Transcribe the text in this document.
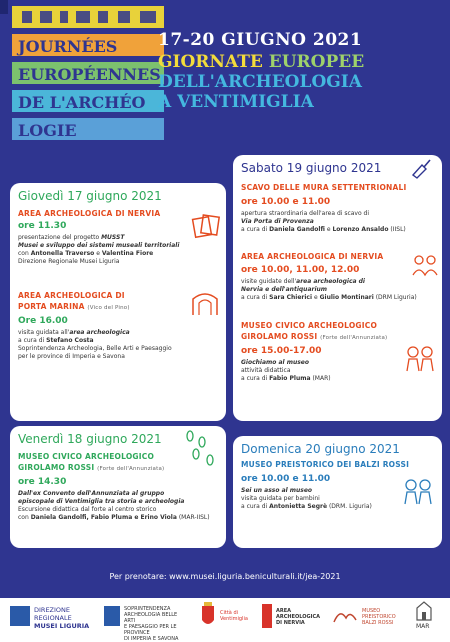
JOURNÉES
EUROPÉENNES
DE L'ARCHÉO
LOGIE
17-20 GIUGNO 2021
GIORNATE EUROPEE
DELL'ARCHEOLOGIA
A VENTIMIGLIA
Giovedì 17 giugno 2021
AREA ARCHEOLOGICA DI NERVIA
ore 11.30
presentazione del progetto MUSST
Musei e sviluppo dei sistemi museali territoriali
con Antonella Traverso e Valentina Fiore
Direzione Regionale Musei Liguria
AREA ARCHEOLOGICA DI
PORTA MARINA (Vico del Pino)
Ore 16.00
visita guidata all'area archeologica
a cura di Stefano Costa
Soprintendenza Archeologia, Belle Arti e Paesaggio
per le province di Imperia e Savona
Sabato 19 giugno 2021
SCAVO DELLE MURA SETTENTRIONALI
ore 10.00 e 11.00
apertura straordinaria dell'area di scavo di
Via Porta di Provenza
a cura di Daniela Gandolfi e Lorenzo Ansaldo (IISL)
AREA ARCHEOLOGICA DI NERVIA
ore 10.00, 11.00, 12.00
visite guidate dell'area archeologica di
Nervia e dell'antiquarium
a cura di Sara Chierici e Giulio Montinari (DRM Liguria)
MUSEO CIVICO ARCHEOLOGICO
GIROLAMO ROSSI (Forte dell'Annunziata)
ore 15.00-17.00
Giochiamo al museo
attività didattica
a cura di Fabio Pluma (MAR)
Venerdì 18 giugno 2021
MUSEO CIVICO ARCHEOLOGICO
GIROLAMO ROSSI (Forte dell'Annunziata)
ore 14.30
Dall'ex Convento dell'Annunziata al gruppo
episcopale di Ventimiglia tra storia e archeologia
Escursione didattica dal forte al centro storico
con Daniela Gandolfi, Fabio Pluma e Erino Viola (MAR-IISL)
Domenica 20 giugno 2021
MUSEO PREISTORICO DEI BALZI ROSSI
ore 10.00 e 11.00
Sei un asso al museo
visita guidata per bambini
a cura di Antonietta Segrè (DRM. Liguria)
Per prenotare: www.musei.liguria.beniculturali.it/jea-2021
DIREZIONE
REGIONALE
MUSEI LIGURIA
SOPRINTENDENZA
ARCHEOLOGIA BELLE ARTI
E PAESAGGIO PER LE PROVINCE
DI IMPERIA E SAVONA
Città di
Ventimiglia
AREA
ARCHEOLOGICA
DI NERVIA
MUSEO
PREISTORICO
BALZI ROSSI	MAR
